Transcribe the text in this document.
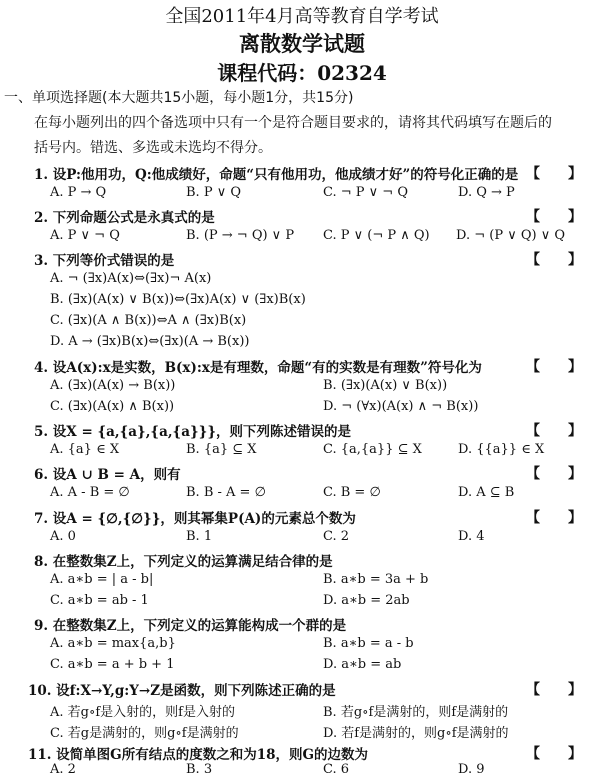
全国2011年4月高等教育自学考试
离散数学试题
课程代码：02324
一、单项选择题(本大题共15小题，每小题1分，共15分)
在每小题列出的四个备选项中只有一个是符合题目要求的，请将其代码填写在题后的
括号内。错选、多选或未选均不得分。
1. 设P:他用功，Q:他成绩好，命题“只有他用功，他成绩才好”的符号化正确的是 【　　】
A. P → Q	B. P ∨ Q	C. ¬ P ∨ ¬ Q	D. Q → P
2. 下列命题公式是永真式的是	【　　】
A. P ∨ ¬ Q	B. (P → ¬ Q) ∨ P C. P ∨ (¬ P ∧ Q) D. ¬ (P ∨ Q) ∨ Q
3. 下列等价式错误的是	【　　】
A. ¬ (∃x)A(x)⇔(∃x)¬ A(x)
B. (∃x)(A(x) ∨ B(x))⇔(∃x)A(x) ∨ (∃x)B(x)
C. (∃x)(A ∧ B(x))⇔A ∧ (∃x)B(x)
D. A → (∃x)B(x)⇔(∃x)(A → B(x))
4. 设A(x):x是实数，B(x):x是有理数，命题“有的实数是有理数”符号化为	【　　】
A. (∃x)(A(x) → B(x))	B. (∃x)(A(x) ∨ B(x))
C. (∃x)(A(x) ∧ B(x))	D. ¬ (∀x)(A(x) ∧ ¬ B(x))
5. 设X = {a,{a},{a,{a}}}，则下列陈述错误的是	【　　】
A. {a} ∈ X	B. {a} ⊆ X	C. {a,{a}} ⊆ X	D. {{a}} ∈ X
6. 设A ∪ B = A，则有	【　　】
A. A - B = ∅	B. B - A = ∅	C. B = ∅	D. A ⊆ B
7. 设A = {∅,{∅}}，则其幂集P(A)的元素总个数为	【　　】
A. 0	B. 1	C. 2	D. 4
8. 在整数集Z上，下列定义的运算满足结合律的是
A. a∗b = | a - b|	B. a∗b = 3a + b
C. a∗b = ab - 1	D. a∗b = 2ab
9. 在整数集Z上，下列定义的运算能构成一个群的是
A. a∗b = max{a,b}	B. a∗b = a - b
C. a∗b = a + b + 1	D. a∗b = ab
10. 设f:X→Y,g:Y→Z是函数，则下列陈述正确的是	【　　】
A. 若g∘f是入射的，则f是入射的	B. 若g∘f是满射的，则f是满射的
C. 若g是满射的，则g∘f是满射的	D. 若f是满射的，则g∘f是满射的
11. 设简单图G所有结点的度数之和为18，则G的边数为	【　　】
A. 2	B. 3	C. 6	D. 9
